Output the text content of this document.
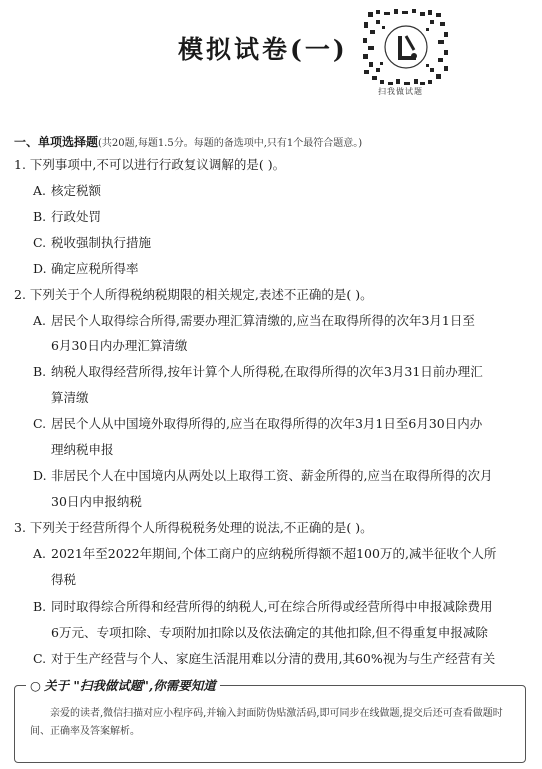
模拟试卷(一)
扫我做试题
一、单项选择题(共20题,每题1.5分。每题的备选项中,只有1个最符合题意。)
1. 下列事项中,不可以进行行政复议调解的是( )。
A. 核定税额
B. 行政处罚
C. 税收强制执行措施
D. 确定应税所得率
2. 下列关于个人所得税纳税期限的相关规定,表述不正确的是( )。
A. 居民个人取得综合所得,需要办理汇算清缴的,应当在取得所得的次年3月1日至
6月30日内办理汇算清缴
B. 纳税人取得经营所得,按年计算个人所得税,在取得所得的次年3月31日前办理汇
算清缴
C. 居民个人从中国境外取得所得的,应当在取得所得的次年3月1日至6月30日内办
理纳税申报
D. 非居民个人在中国境内从两处以上取得工资、薪金所得的,应当在取得所得的次月
30日内申报纳税
3. 下列关于经营所得个人所得税税务处理的说法,不正确的是( )。
A. 2021年至2022年期间,个体工商户的应纳税所得额不超100万的,减半征收个人所
得税
B. 同时取得综合所得和经营所得的纳税人,可在综合所得或经营所得中申报减除费用
6万元、专项扣除、专项附加扣除以及依法确定的其他扣除,但不得重复申报减除
C. 对于生产经营与个人、家庭生活混用难以分清的费用,其60%视为与生产经营有关
○ 关于 "扫我做试题",你需要知道
亲爱的读者,微信扫描对应小程序码,并输入封面防伪贴激活码,即可同步在线做题,提交后还可查看做题时间、正确率及答案解析。
